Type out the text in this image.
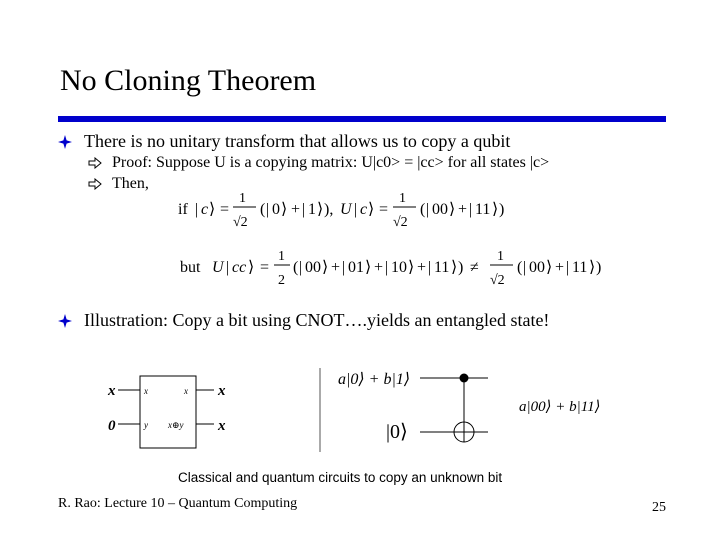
No Cloning Theorem
There is no unitary transform that allows us to copy a qubit
Proof: Suppose U is a copying matrix: U|c0> = |cc> for all states |c>
Then,
if | c ⟩ =
1
√2
( | 0 ⟩ + | 1 ⟩ ), U | c ⟩ =
1
√2
( | 00 ⟩ + | 11 ⟩ )
but U | cc ⟩ =
1
2
( | 00 ⟩ + | 01 ⟩ + | 10 ⟩ + | 11 ⟩ ) ≠
1
√2
( | 00 ⟩ + | 11 ⟩ )
Illustration: Copy a bit using CNOT….yields an entangled state!
x
0
x	x
y x⊕y
x
x
a|0⟩ + b|1⟩
|0⟩
a|00⟩ + b|11⟩
Classical and quantum circuits to copy an unknown bit
R. Rao: Lecture 10 – Quantum Computing	25
